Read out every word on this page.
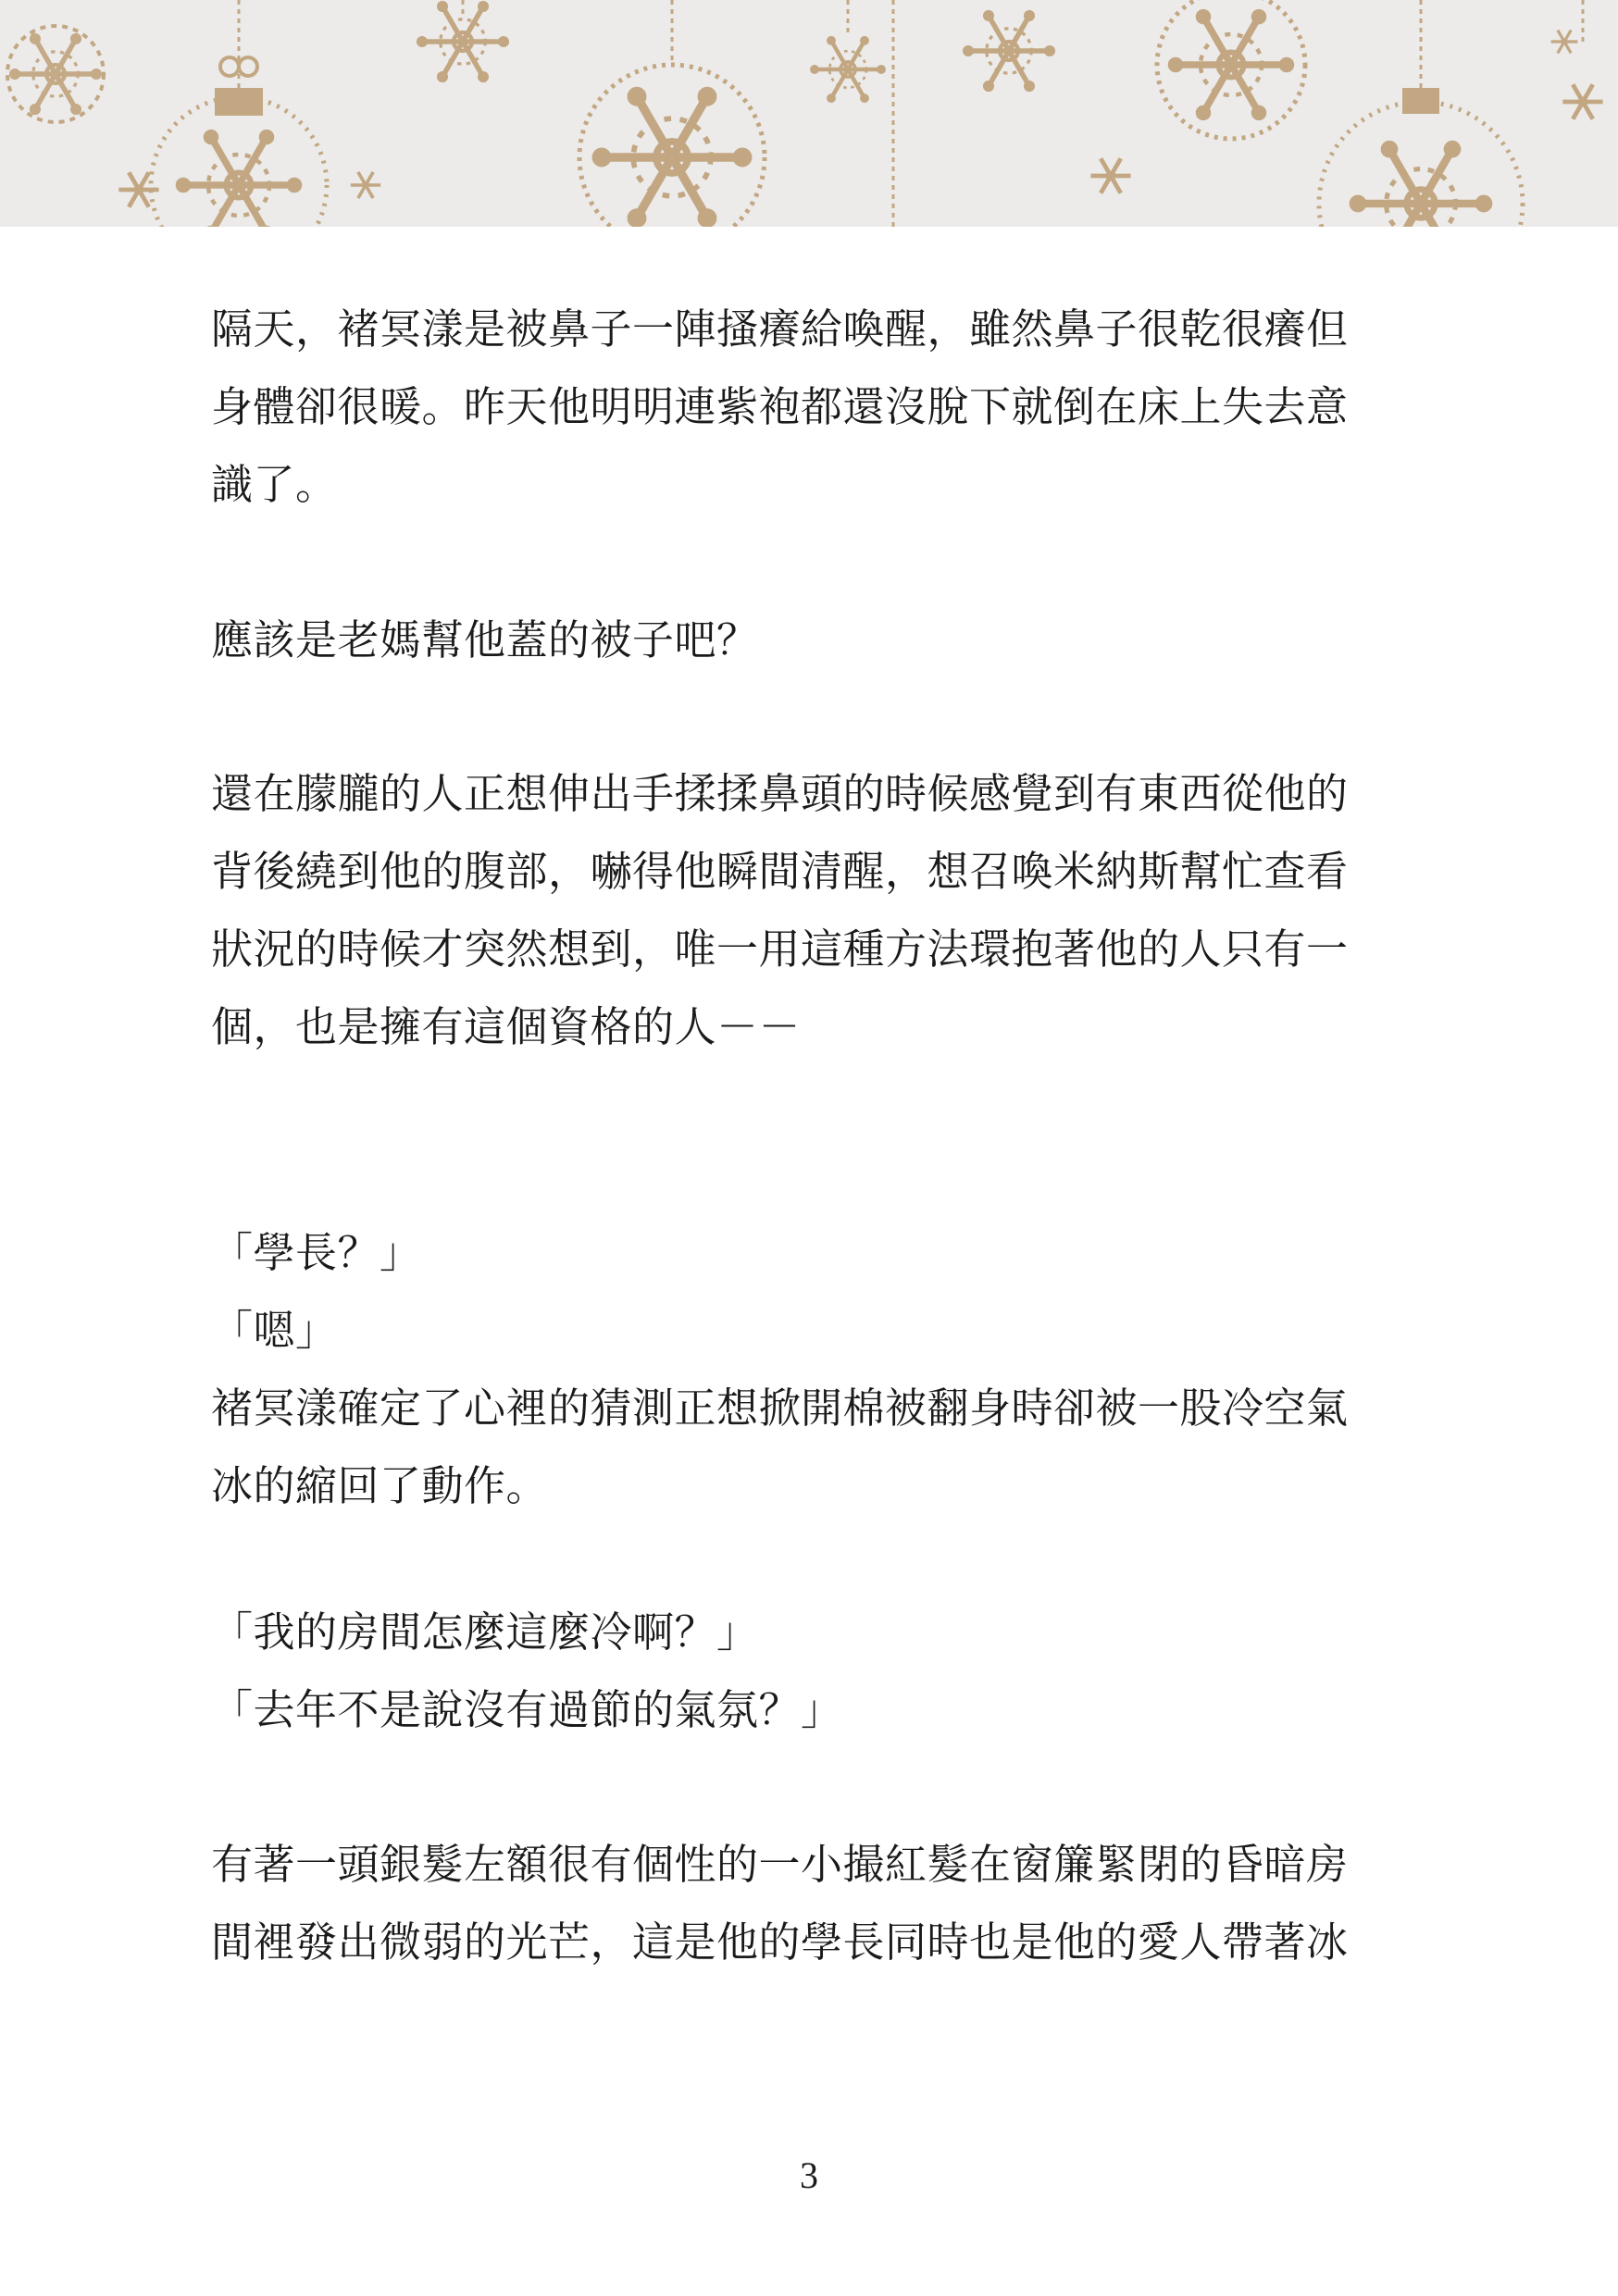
隔天，褚冥漾是被鼻子一陣搔癢給喚醒，雖然鼻子很乾很癢但
身體卻很暖。昨天他明明連紫袍都還沒脫下就倒在床上失去意
識了。
應該是老媽幫他蓋的被子吧？
還在朦朧的人正想伸出手揉揉鼻頭的時候感覺到有東西從他的
背後繞到他的腹部，嚇得他瞬間清醒，想召喚米納斯幫忙查看
狀況的時候才突然想到，唯一用這種方法環抱著他的人只有一
個，也是擁有這個資格的人－－
「學長？」
「嗯」
褚冥漾確定了心裡的猜測正想掀開棉被翻身時卻被一股冷空氣
冰的縮回了動作。
「我的房間怎麼這麼冷啊？」
「去年不是說沒有過節的氣氛？」
有著一頭銀髮左額很有個性的一小撮紅髮在窗簾緊閉的昏暗房
間裡發出微弱的光芒，這是他的學長同時也是他的愛人帶著冰
3
